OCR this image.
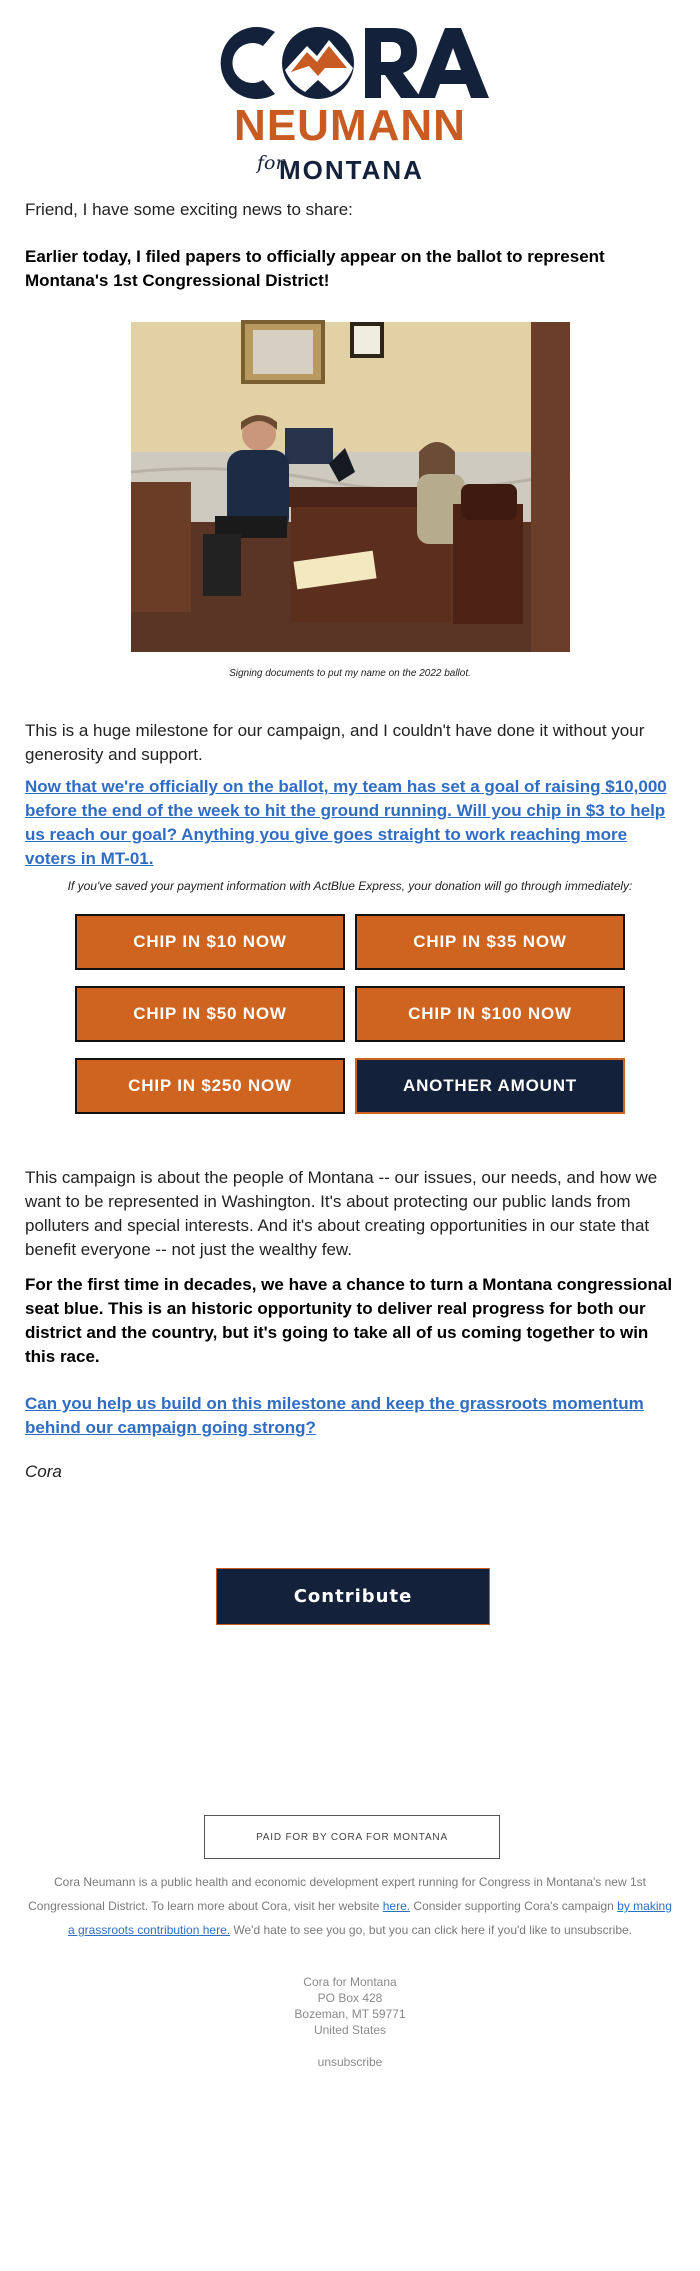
CORA
NEUMANN
for
MONTANA

Friend, I have some exciting news to share:

Earlier today, I filed papers to officially appear on the ballot to represent Montana's 1st Congressional District!

Signing documents to put my name on the 2022 ballot.

This is a huge milestone for our campaign, and I couldn't have done it without your generosity and support.

Now that we're officially on the ballot, my team has set a goal of raising $10,000 before the end of the week to hit the ground running. Will you chip in $3 to help us reach our goal? Anything you give goes straight to work reaching more voters in MT-01.

If you've saved your payment information with ActBlue Express, your donation will go through immediately:
CHIP IN $10 NOW	CHIP IN $35 NOW
CHIP IN $50 NOW	CHIP IN $100 NOW
CHIP IN $250 NOW	ANOTHER AMOUNT

This campaign is about the people of Montana -- our issues, our needs, and how we want to be represented in Washington. It's about protecting our public lands from polluters and special interests. And it's about creating opportunities in our state that benefit everyone -- not just the wealthy few.

For the first time in decades, we have a chance to turn a Montana congressional seat blue. This is an historic opportunity to deliver real progress for both our district and the country, but it's going to take all of us coming together to win this race.

Can you help us build on this milestone and keep the grassroots momentum behind our campaign going strong?

Cora

Contribute
PAID FOR BY CORA FOR MONTANA
Cora Neumann is a public health and economic development expert running for Congress in Montana's new 1st Congressional District. To learn more about Cora, visit her website here. Consider supporting Cora's campaign by making a grassroots contribution here. We'd hate to see you go, but you can click here if you'd like to unsubscribe.
Cora for Montana
PO Box 428
Bozeman, MT 59771
United States
unsubscribe
